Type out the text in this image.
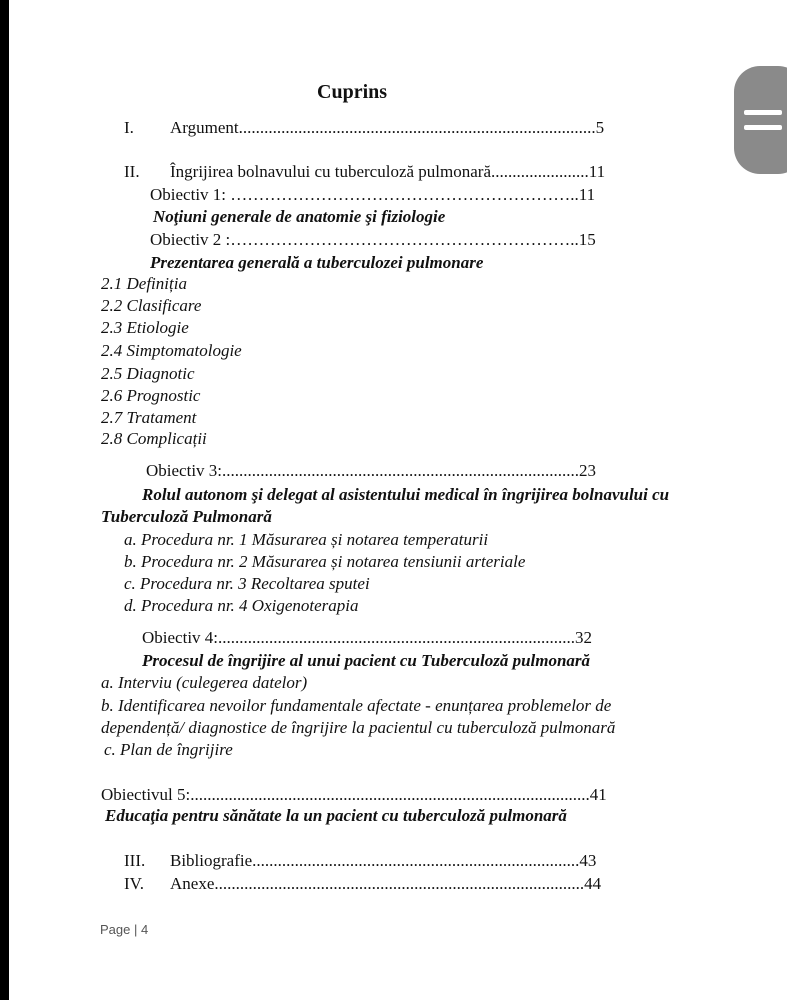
Cuprins
I. Argument....................................................................................5
II. Îngrijirea bolnavului cu tuberculoză pulmonară.......................11
Obiectiv 1: ……………………………………………………..11
Noţiuni generale de anatomie şi fiziologie
Obiectiv 2 :……………………………………………………..15
Prezentarea generală a tuberculozei pulmonare
2.1 Definiția
2.2 Clasificare
2.3 Etiologie
2.4 Simptomatologie
2.5 Diagnotic
2.6 Prognostic
2.7 Tratament
2.8 Complicații
Obiectiv 3:....................................................................................23
Rolul autonom şi delegat al asistentului medical în îngrijirea bolnavului cu
Tuberculoză Pulmonară
a. Procedura nr. 1 Măsurarea și notarea temperaturii
b. Procedura nr. 2 Măsurarea și notarea tensiunii arteriale
c. Procedura nr. 3 Recoltarea sputei
d. Procedura nr. 4 Oxigenoterapia
Obiectiv 4:....................................................................................32
Procesul de îngrijire al unui pacient cu Tuberculoză pulmonară
a. Interviu (culegerea datelor)
b. Identificarea nevoilor fundamentale afectate - enunțarea problemelor de
dependență/ diagnostice de îngrijire la pacientul cu tuberculoză pulmonară
c. Plan de îngrijire
Obiectivul 5:..............................................................................................41
Educaţia pentru sănătate la un pacient cu tuberculoză pulmonară
III. Bibliografie.............................................................................43
IV. Anexe.......................................................................................44
Page | 4
